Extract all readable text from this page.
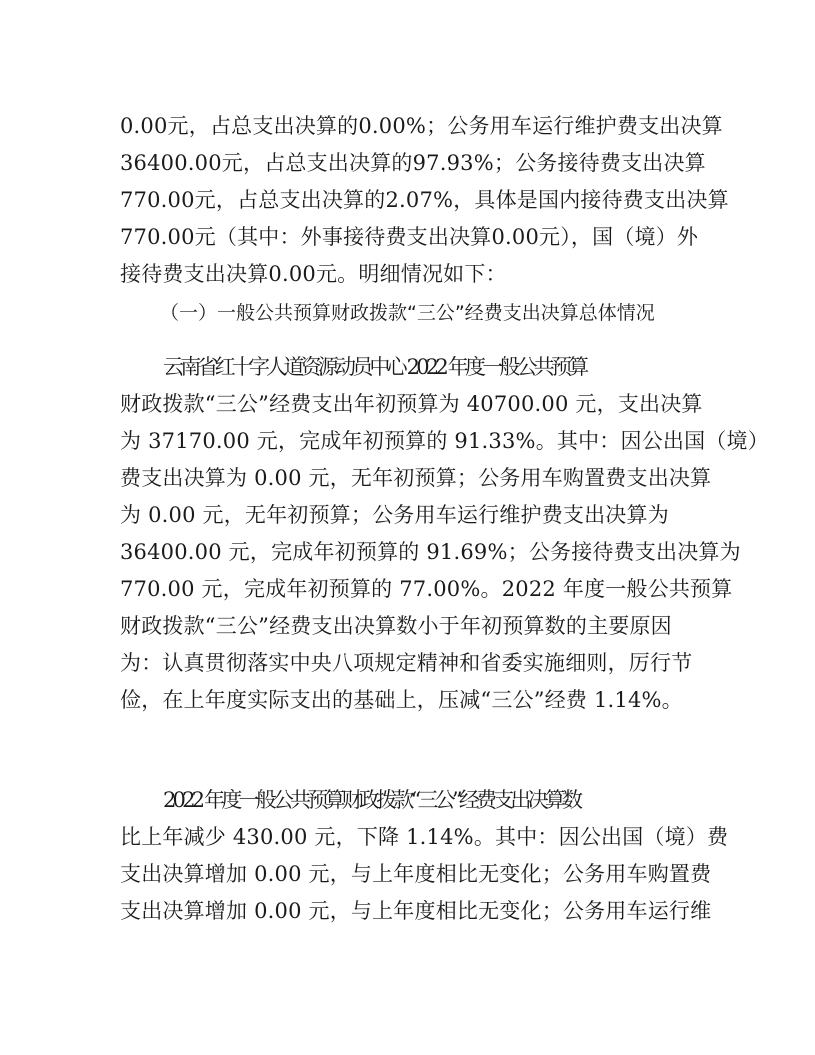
0.00元，占总支出决算的0.00%；公务用车运行维护费支出决算
36400.00元，占总支出决算的97.93%；公务接待费支出决算
770.00元，占总支出决算的2.07%，具体是国内接待费支出决算
770.00元（其中：外事接待费支出决算0.00元），国（境）外
接待费支出决算0.00元。明细情况如下：
（一）一般公共预算财政拨款“三公”经费支出决算总体情况
云南省红十字人道资源动员中心 2022 年度一般公共预算
财政拨款“三公”经费支出年初预算为 40700.00 元，支出决算
为 37170.00 元，完成年初预算的 91.33%。其中：因公出国（境）
费支出决算为 0.00 元，无年初预算；公务用车购置费支出决算
为 0.00 元，无年初预算；公务用车运行维护费支出决算为
36400.00 元，完成年初预算的 91.69%；公务接待费支出决算为
770.00 元，完成年初预算的 77.00%。2022 年度一般公共预算
财政拨款“三公”经费支出决算数小于年初预算数的主要原因
为：认真贯彻落实中央八项规定精神和省委实施细则，厉行节
俭，在上年度实际支出的基础上，压减“三公”经费 1.14%。
2022 年度一般公共预算财政拨款“三公”经费支出决算数
比上年减少 430.00 元，下降 1.14%。其中：因公出国（境）费
支出决算增加 0.00 元，与上年度相比无变化；公务用车购置费
支出决算增加 0.00 元，与上年度相比无变化；公务用车运行维
